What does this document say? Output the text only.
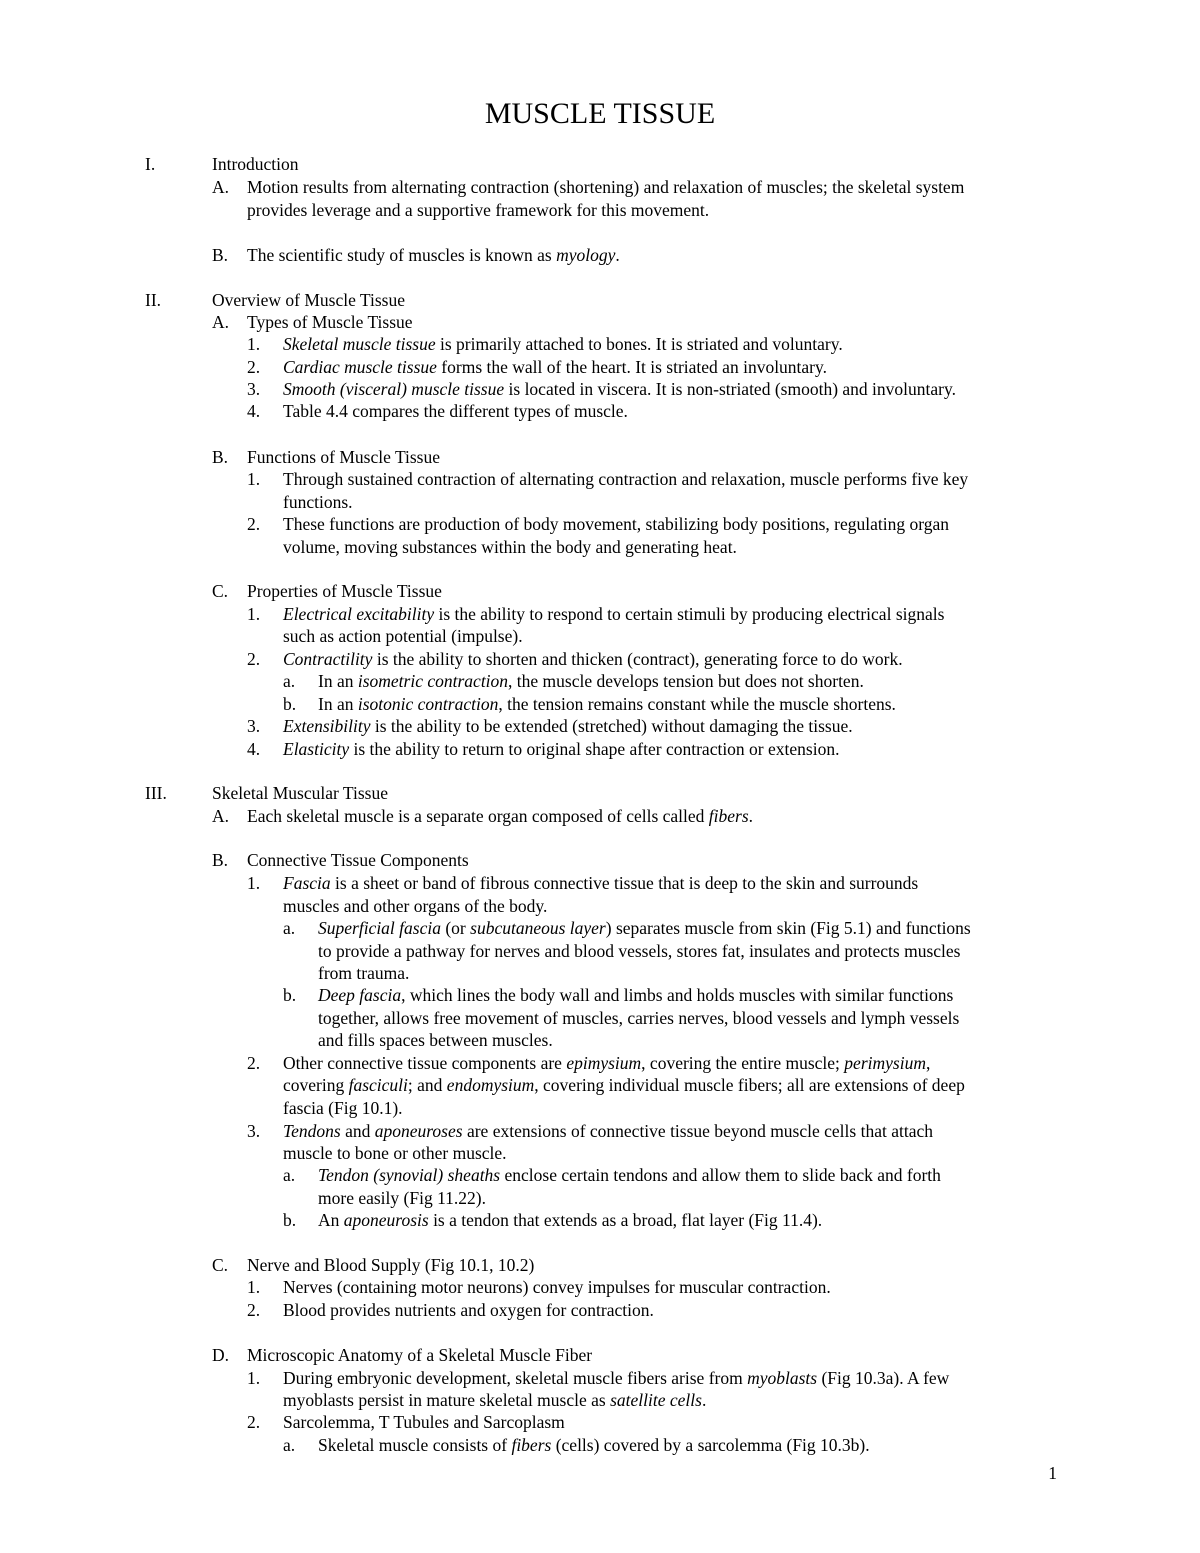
MUSCLE TISSUE
I.	Introduction
A. Motion results from alternating contraction (shortening) and relaxation of muscles; the skeletal system
provides leverage and a supportive framework for this movement.
B. The scientific study of muscles is known as myology.
II.	Overview of Muscle Tissue
A. Types of Muscle Tissue
1. Skeletal muscle tissue is primarily attached to bones. It is striated and voluntary.
2. Cardiac muscle tissue forms the wall of the heart. It is striated an involuntary.
3. Smooth (visceral) muscle tissue is located in viscera. It is non-striated (smooth) and involuntary.
4. Table 4.4 compares the different types of muscle.
B. Functions of Muscle Tissue
1. Through sustained contraction of alternating contraction and relaxation, muscle performs five key
functions.
2. These functions are production of body movement, stabilizing body positions, regulating organ
volume, moving substances within the body and generating heat.
C. Properties of Muscle Tissue
1. Electrical excitability is the ability to respond to certain stimuli by producing electrical signals
such as action potential (impulse).
2. Contractility is the ability to shorten and thicken (contract), generating force to do work.
a. In an isometric contraction, the muscle develops tension but does not shorten.
b. In an isotonic contraction, the tension remains constant while the muscle shortens.
3. Extensibility is the ability to be extended (stretched) without damaging the tissue.
4. Elasticity is the ability to return to original shape after contraction or extension.
III.	Skeletal Muscular Tissue
A. Each skeletal muscle is a separate organ composed of cells called fibers.
B. Connective Tissue Components
1. Fascia is a sheet or band of fibrous connective tissue that is deep to the skin and surrounds
muscles and other organs of the body.
a. Superficial fascia (or subcutaneous layer) separates muscle from skin (Fig 5.1) and functions
to provide a pathway for nerves and blood vessels, stores fat, insulates and protects muscles
from trauma.
b. Deep fascia, which lines the body wall and limbs and holds muscles with similar functions
together, allows free movement of muscles, carries nerves, blood vessels and lymph vessels
and fills spaces between muscles.
2. Other connective tissue components are epimysium, covering the entire muscle; perimysium,
covering fasciculi; and endomysium, covering individual muscle fibers; all are extensions of deep
fascia (Fig 10.1).
3. Tendons and aponeuroses are extensions of connective tissue beyond muscle cells that attach
muscle to bone or other muscle.
a. Tendon (synovial) sheaths enclose certain tendons and allow them to slide back and forth
more easily (Fig 11.22).
b. An aponeurosis is a tendon that extends as a broad, flat layer (Fig 11.4).
C. Nerve and Blood Supply (Fig 10.1, 10.2)
1. Nerves (containing motor neurons) convey impulses for muscular contraction.
2. Blood provides nutrients and oxygen for contraction.
D. Microscopic Anatomy of a Skeletal Muscle Fiber
1. During embryonic development, skeletal muscle fibers arise from myoblasts (Fig 10.3a). A few
myoblasts persist in mature skeletal muscle as satellite cells.
2. Sarcolemma, T Tubules and Sarcoplasm
a. Skeletal muscle consists of fibers (cells) covered by a sarcolemma (Fig 10.3b).
1
